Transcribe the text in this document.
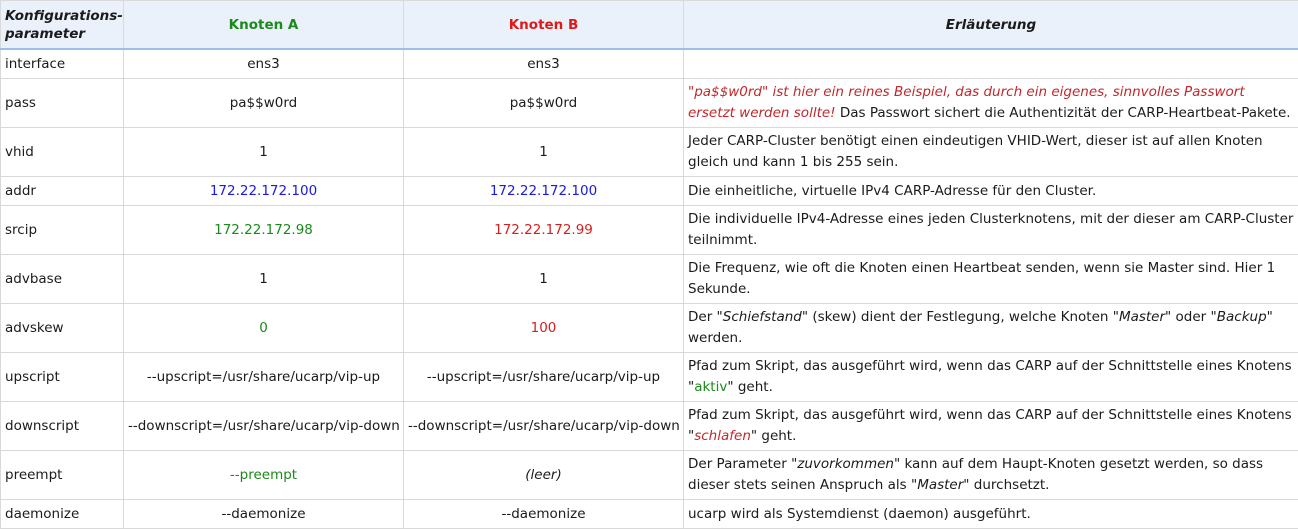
Konfigurations-parameter	Knoten A	Knoten B	Erläuterung
interface	ens3	ens3	
pass	pa$$w0rd	pa$$w0rd	"pa$$w0rd" ist hier ein reines Beispiel, das durch ein eigenes, sinnvolles Passwort ersetzt werden sollte! Das Passwort sichert die Authentizität der CARP-Heartbeat-Pakete.
vhid	1	1	Jeder CARP-Cluster benötigt einen eindeutigen VHID-Wert, dieser ist auf allen Knoten gleich und kann 1 bis 255 sein.
addr	172.22.172.100	172.22.172.100	Die einheitliche, virtuelle IPv4 CARP-Adresse für den Cluster.
srcip	172.22.172.98	172.22.172.99	Die individuelle IPv4-Adresse eines jeden Clusterknotens, mit der dieser am CARP-Cluster teilnimmt.
advbase	1	1	Die Frequenz, wie oft die Knoten einen Heartbeat senden, wenn sie Master sind. Hier 1 Sekunde.
advskew	0	100	Der "Schiefstand" (skew) dient der Festlegung, welche Knoten "Master" oder "Backup" werden.
upscript	--upscript=/usr/share/ucarp/vip-up	--upscript=/usr/share/ucarp/vip-up	Pfad zum Skript, das ausgeführt wird, wenn das CARP auf der Schnittstelle eines Knotens "aktiv" geht.
downscript	--downscript=/usr/share/ucarp/vip-down	--downscript=/usr/share/ucarp/vip-down	Pfad zum Skript, das ausgeführt wird, wenn das CARP auf der Schnittstelle eines Knotens "schlafen" geht.
preempt	--preempt	(leer)	Der Parameter "zuvorkommen" kann auf dem Haupt-Knoten gesetzt werden, so dass dieser stets seinen Anspruch als "Master" durchsetzt.
daemonize	--daemonize	--daemonize	ucarp wird als Systemdienst (daemon) ausgeführt.
